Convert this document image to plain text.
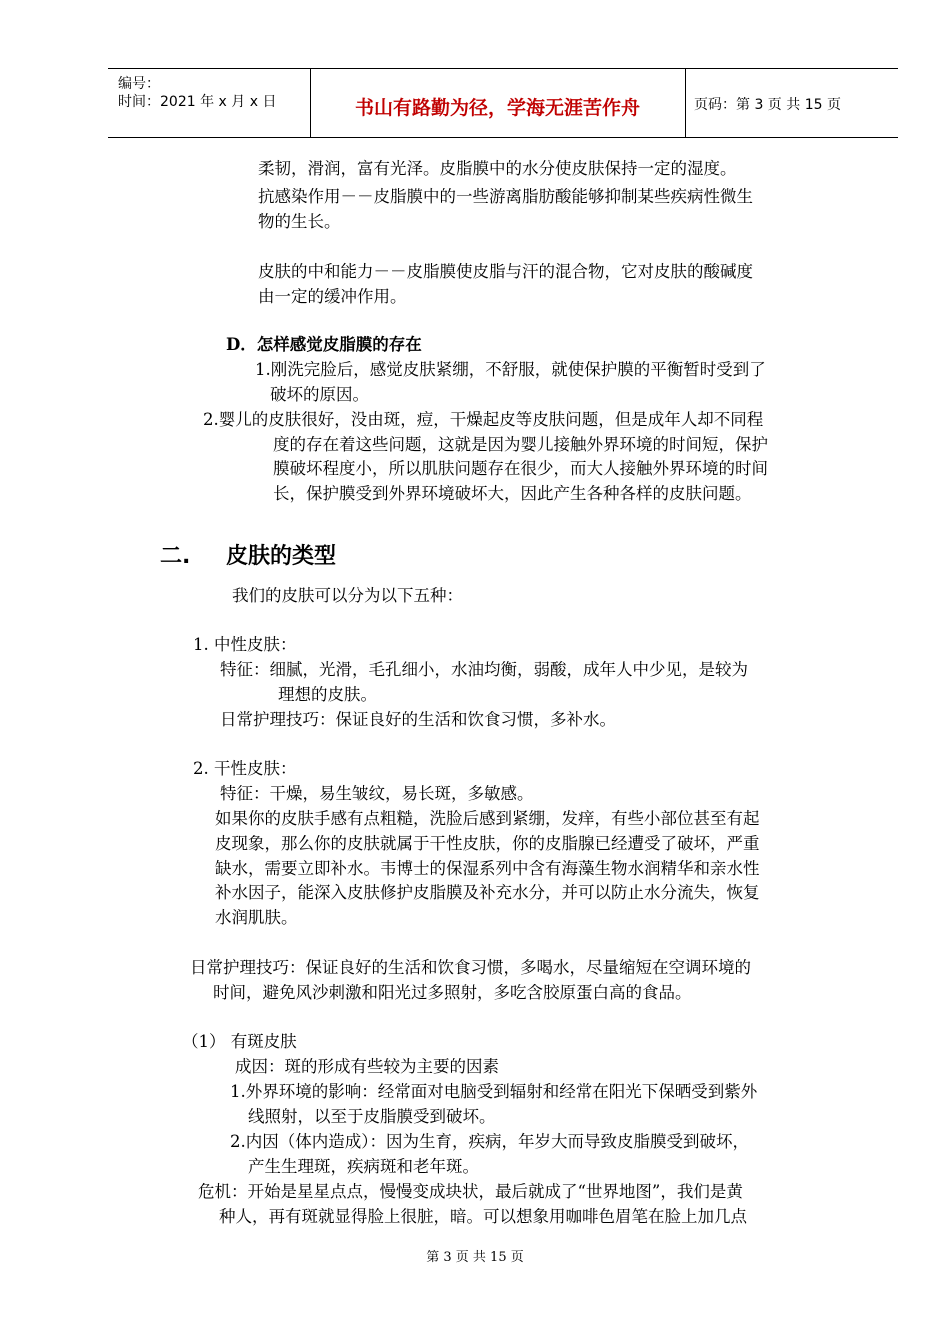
编号：
时间：2021 年 x 月 x 日	书山有路勤为径，学海无涯苦作舟	页码：第 3 页 共 15 页
柔韧，滑润，富有光泽。皮脂膜中的水分使皮肤保持一定的湿度。
抗感染作用－－皮脂膜中的一些游离脂肪酸能够抑制某些疾病性微生
物的生长。
皮肤的中和能力－－皮脂膜使皮脂与汗的混合物，它对皮肤的酸碱度
由一定的缓冲作用。
D．怎样感觉皮脂膜的存在
1.刚洗完脸后，感觉皮肤紧绷，不舒服，就使保护膜的平衡暂时受到了
破坏的原因。
2.婴儿的皮肤很好，没由斑，痘，干燥起皮等皮肤问题，但是成年人却不同程
度的存在着这些问题，这就是因为婴儿接触外界环境的时间短，保护
膜破坏程度小，所以肌肤问题存在很少，而大人接触外界环境的时间
长，保护膜受到外界环境破坏大，因此产生各种各样的皮肤问题。
二. 皮肤的类型
我们的皮肤可以分为以下五种：
1. 中性皮肤：
特征：细腻，光滑，毛孔细小，水油均衡，弱酸，成年人中少见，是较为
理想的皮肤。
日常护理技巧：保证良好的生活和饮食习惯，多补水。
2. 干性皮肤：
特征：干燥，易生皱纹，易长斑，多敏感。
如果你的皮肤手感有点粗糙，洗脸后感到紧绷，发痒，有些小部位甚至有起
皮现象，那么你的皮肤就属于干性皮肤，你的皮脂腺已经遭受了破坏，严重
缺水，需要立即补水。韦博士的保湿系列中含有海藻生物水润精华和亲水性
补水因子，能深入皮肤修护皮脂膜及补充水分，并可以防止水分流失，恢复
水润肌肤。
日常护理技巧：保证良好的生活和饮食习惯，多喝水，尽量缩短在空调环境的
时间，避免风沙刺激和阳光过多照射，多吃含胶原蛋白高的食品。
（1） 有斑皮肤
成因：斑的形成有些较为主要的因素
1.外界环境的影响：经常面对电脑受到辐射和经常在阳光下保晒受到紫外
线照射，以至于皮脂膜受到破坏。
2.内因（体内造成）：因为生育，疾病，年岁大而导致皮脂膜受到破坏，
产生生理斑，疾病斑和老年斑。
危机：开始是星星点点，慢慢变成块状，最后就成了“世界地图”，我们是黄
种人，再有斑就显得脸上很脏，暗。可以想象用咖啡色眉笔在脸上加几点
第 3 页 共 15 页
